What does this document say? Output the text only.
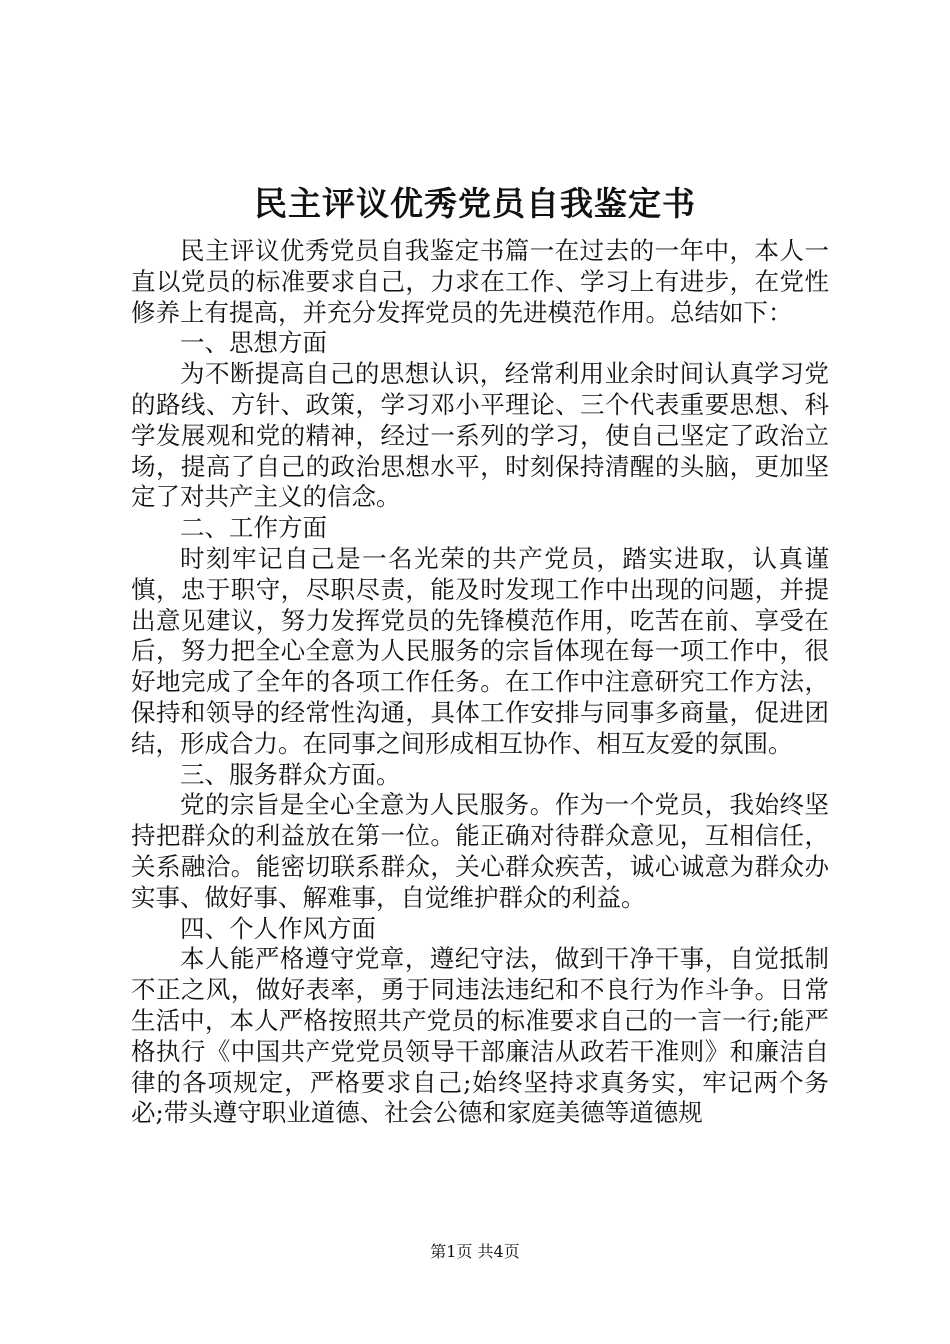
民主评议优秀党员自我鉴定书

民主评议优秀党员自我鉴定书篇一在过去的一年中，本人一直以党员的标准要求自己，力求在工作、学习上有进步，在党性修养上有提高，并充分发挥党员的先进模范作用。总结如下：

一、思想方面

为不断提高自己的思想认识，经常利用业余时间认真学习党的路线、方针、政策，学习邓小平理论、三个代表重要思想、科学发展观和党的精神，经过一系列的学习，使自己坚定了政治立场，提高了自己的政治思想水平，时刻保持清醒的头脑，更加坚定了对共产主义的信念。

二、工作方面

时刻牢记自己是一名光荣的共产党员，踏实进取，认真谨慎，忠于职守，尽职尽责，能及时发现工作中出现的问题，并提出意见建议，努力发挥党员的先锋模范作用，吃苦在前、享受在后，努力把全心全意为人民服务的宗旨体现在每一项工作中，很好地完成了全年的各项工作任务。在工作中注意研究工作方法，保持和领导的经常性沟通，具体工作安排与同事多商量，促进团结，形成合力。在同事之间形成相互协作、相互友爱的氛围。

三、服务群众方面。

党的宗旨是全心全意为人民服务。作为一个党员，我始终坚持把群众的利益放在第一位。能正确对待群众意见，互相信任，关系融洽。能密切联系群众，关心群众疾苦，诚心诚意为群众办实事、做好事、解难事，自觉维护群众的利益。

四、个人作风方面

本人能严格遵守党章，遵纪守法，做到干净干事，自觉抵制不正之风，做好表率，勇于同违法违纪和不良行为作斗争。日常生活中，本人严格按照共产党员的标准要求自己的一言一行;能严格执行《中国共产党党员领导干部廉洁从政若干准则》和廉洁自律的各项规定，严格要求自己;始终坚持求真务实，牢记两个务必;带头遵守职业道德、社会公德和家庭美德等道德规

第1页 共4页
